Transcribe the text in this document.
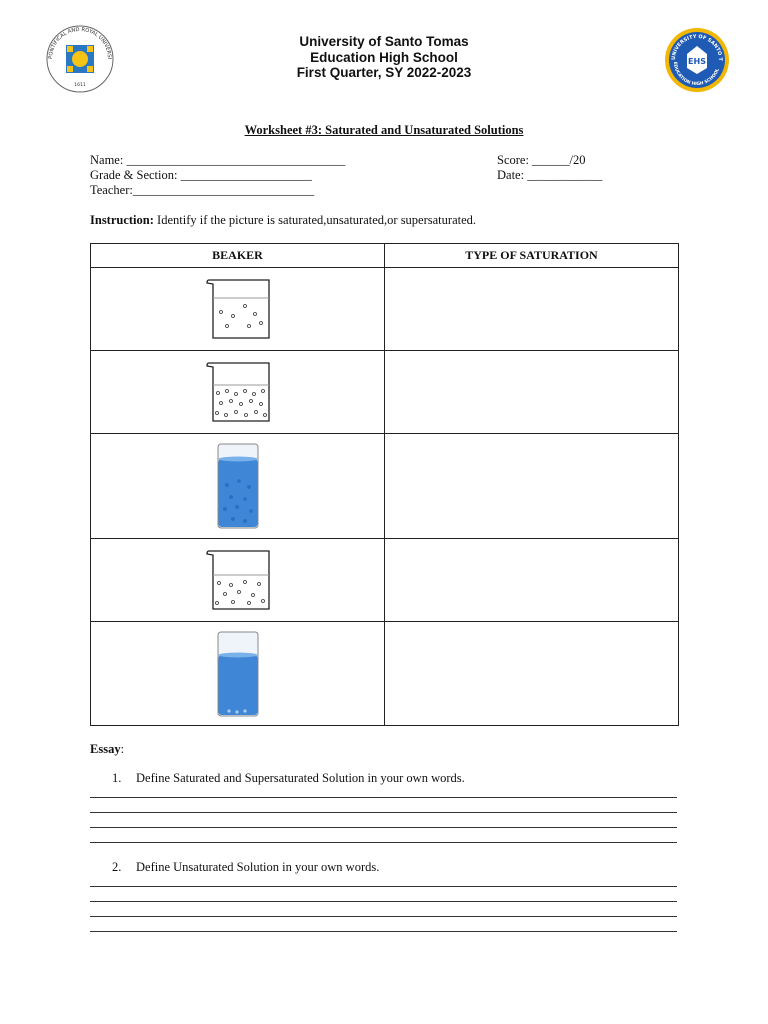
PONTIFICAL AND ROYAL UNIVERSI
1611
UNIVERSITY OF SANTO T
EDUCATION HIGH SCHOOL
EHS
University of Santo Tomas
Education High School
First Quarter, SY 2022-2023
Worksheet #3: Saturated and Unsaturated Solutions
Name: ___________________________________
Grade & Section: _____________________
Teacher:_____________________________
Score: ______/20
Date: ____________
Instruction: Identify if the picture is saturated,unsaturated,or supersaturated.
BEAKER	TYPE OF SATURATION

Essay:
1. Define Saturated and Supersaturated Solution in your own words.
2. Define Unsaturated Solution in your own words.
